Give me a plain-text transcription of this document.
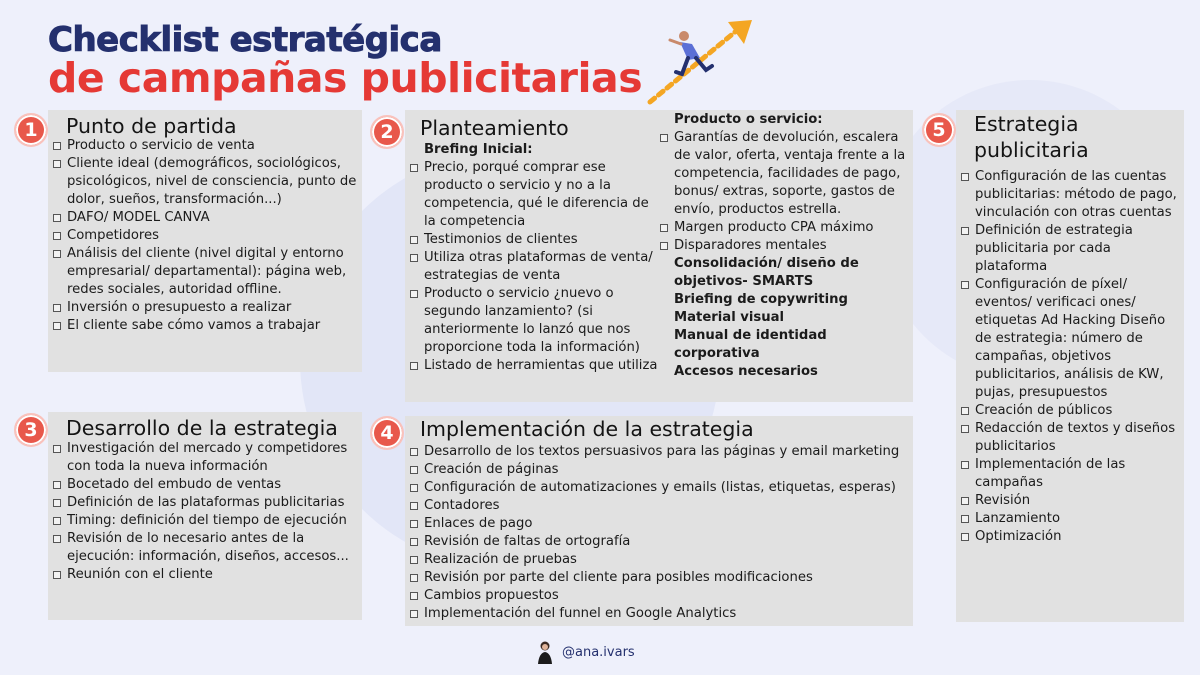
Checklist estratégica
de campañas publicitarias
1	Punto de partida
Producto o servicio de venta
Cliente ideal (demográficos, sociológicos, psicológicos, nivel de consciencia, punto de dolor, sueños, transformación...)
DAFO/ MODEL CANVA
Competidores
Análisis del cliente (nivel digital y entorno empresarial/ departamental): página web, redes sociales, autoridad offline.
Inversión o presupuesto a realizar
El cliente sabe cómo vamos a trabajar
2	Planteamiento
Brefing Inicial:
Precio, porqué comprar ese producto o servicio y no a la competencia, qué le diferencia de la competencia
Testimonios de clientes
Utiliza otras plataformas de venta/ estrategias de venta
Producto o servicio ¿nuevo o segundo lanzamiento? (si anteriormente lo lanzó que nos proporcione toda la información)
Listado de herramientas que utiliza
Producto o servicio:
Garantías de devolución, escalera de valor, oferta, ventaja frente a la competencia, facilidades de pago, bonus/ extras, soporte, gastos de envío, productos estrella.
Margen producto CPA máximo
Disparadores mentales
Consolidación/ diseño de objetivos- SMARTS
Briefing de copywriting
Material visual
Manual de identidad corporativa
Accesos necesarios
3	Desarrollo de la estrategia
Investigación del mercado y competidores con toda la nueva información
Bocetado del embudo de ventas
Definición de las plataformas publicitarias
Timing: definición del tiempo de ejecución
Revisión de lo necesario antes de la ejecución: información, diseños, accesos...
Reunión con el cliente
4	Implementación de la estrategia
Desarrollo de los textos persuasivos para las páginas y email marketing
Creación de páginas
Configuración de automatizaciones y emails (listas, etiquetas, esperas)
Contadores
Enlaces de pago
Revisión de faltas de ortografía
Realización de pruebas
Revisión por parte del cliente para posibles modificaciones
Cambios propuestos
Implementación del funnel en Google Analytics
5	Estrategia publicitaria
Configuración de las cuentas publicitarias: método de pago, vinculación con otras cuentas
Definición de estrategia publicitaria por cada plataforma
Configuración de píxel/ eventos/ verificaci ones/ etiquetas Ad Hacking Diseño de estrategia: número de campañas, objetivos publicitarios, análisis de KW, pujas, presupuestos
Creación de públicos
Redacción de textos y diseños publicitarios
Implementación de las campañas
Revisión
Lanzamiento
Optimización
@ana.ivars
